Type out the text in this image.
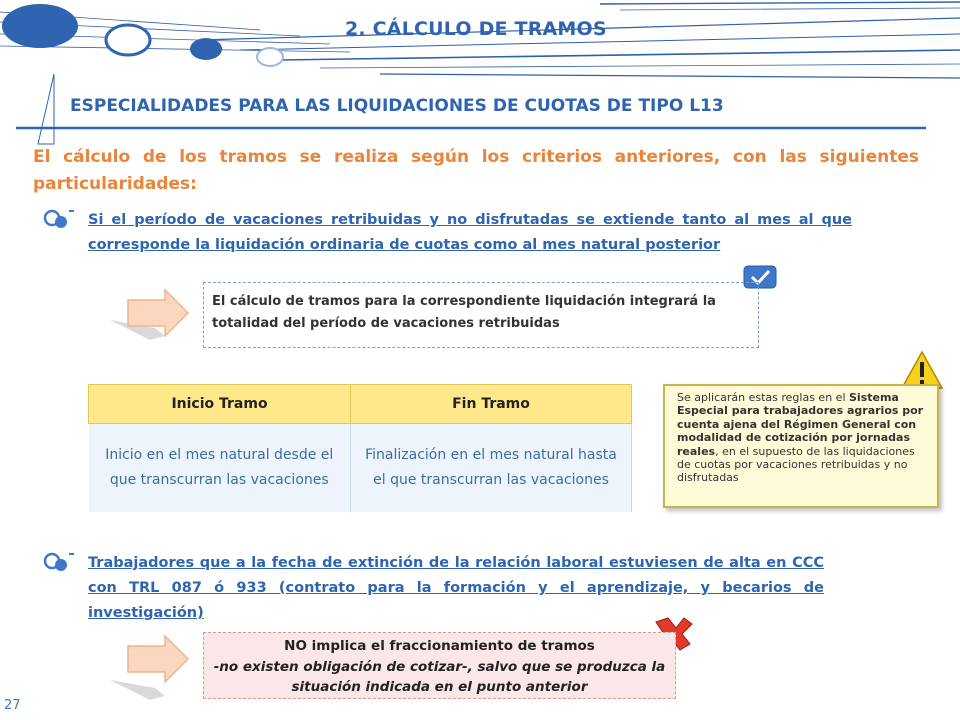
2. CÁLCULO DE TRAMOS
ESPECIALIDADES PARA LAS LIQUIDACIONES DE CUOTAS DE TIPO L13
El cálculo de los tramos se realiza según los criterios anteriores, con las siguientes particularidades:
Si el período de vacaciones retribuidas y no disfrutadas se extiende tanto al mes al que corresponde la liquidación ordinaria de cuotas como al mes natural posterior
El cálculo de tramos para la correspondiente liquidación integrará la totalidad del período de vacaciones retribuidas
Inicio Tramo	Fin Tramo
Inicio en el mes natural desde el que transcurran las vacaciones	Finalización en el mes natural hasta el que transcurran las vacaciones
Se aplicarán estas reglas en el Sistema Especial para trabajadores agrarios por cuenta ajena del Régimen General con modalidad de cotización por jornadas reales, en el supuesto de las liquidaciones de cuotas por vacaciones retribuidas y no disfrutadas
Trabajadores que a la fecha de extinción de la relación laboral estuviesen de alta en CCC con TRL 087 ó 933 (contrato para la formación y el aprendizaje, y becarios de investigación)
NO implica el fraccionamiento de tramos
-no existen obligación de cotizar-, salvo que se produzca la situación indicada en el punto anterior
27
